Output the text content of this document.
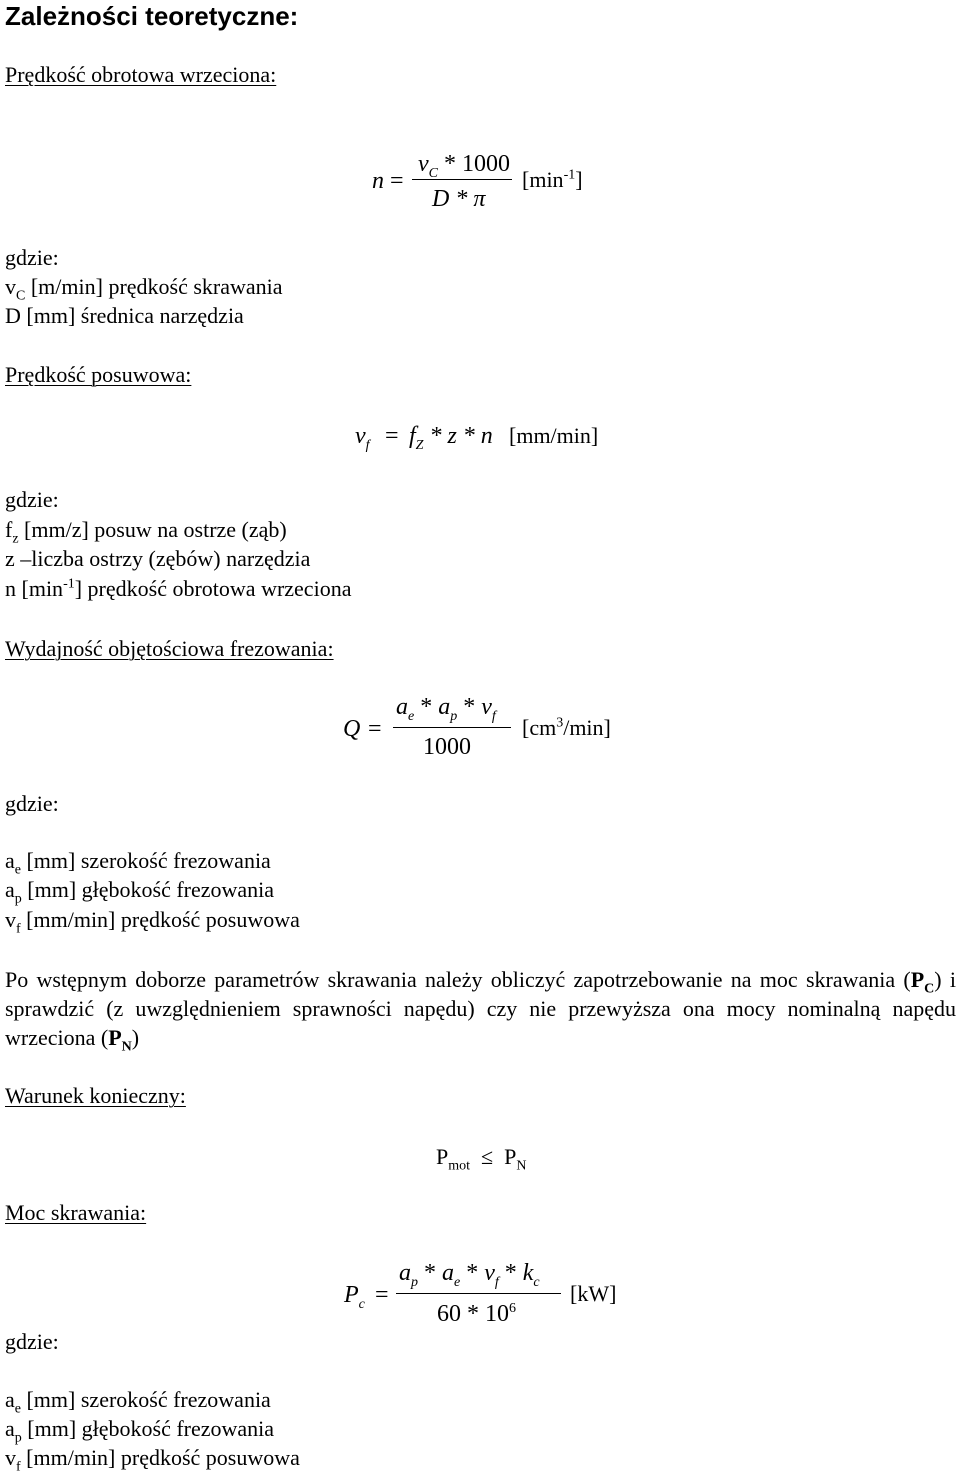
Zależności teoretyczne:
Prędkość obrotowa wrzeciona:
n =
$v_C * 1000$
D * π
$[\min^{-1}]$
gdzie:
$v_C$ [m/min] prędkość skrawania
D [mm] średnica narzędzia
Prędkość posuwowa:
$v_f = f_Z * z * n$ [mm/min]
gdzie:
$f_z$ [mm/z] posuw na ostrze (ząb)
z –liczba ostrzy (zębów) narzędzia
n $[\min^{-1}]$ prędkość obrotowa wrzeciona
Wydajność objętościowa frezowania:
Q =
$a_e * a_p * v_f$
1000
$[cm^3/\min]$
gdzie:
$a_e$ [mm] szerokość frezowania
$a_p$ [mm] głębokość frezowania
$v_f$ [mm/min] prędkość posuwowa
Po wstępnym doborze parametrów skrawania należy obliczyć zapotrzebowanie na moc skrawania $(P_C)$ i sprawdzić (z uwzględnieniem sprawności napędu) czy nie przewyższa ona mocy nominalną napędu wrzeciona $(P_N)$
Warunek konieczny:
$P_{mot} \le P_N$
Moc skrawania:
$P_c$ =
$a_p * a_e * v_f * k_c$
$60 * 10^6$
[kW]
gdzie:
$a_e$ [mm] szerokość frezowania
$a_p$ [mm] głębokość frezowania
$v_f$ [mm/min] prędkość posuwowa
